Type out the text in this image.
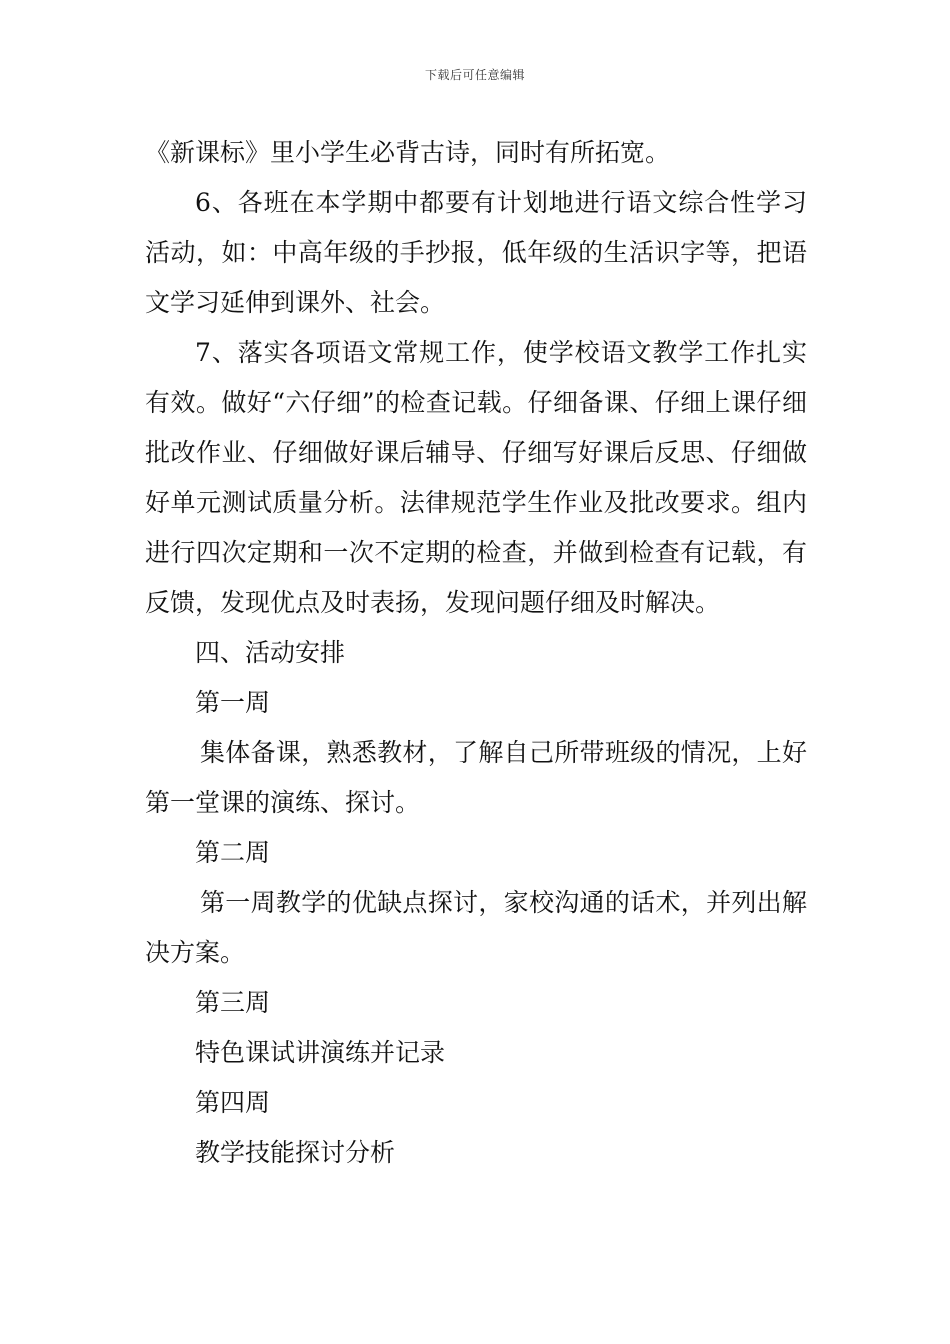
下载后可任意编辑

《新课标》里小学生必背古诗，同时有所拓宽。

6、各班在本学期中都要有计划地进行语文综合性学习活动，如：中高年级的手抄报，低年级的生活识字等，把语文学习延伸到课外、社会。

7、落实各项语文常规工作，使学校语文教学工作扎实有效。做好“六仔细”的检查记载。仔细备课、仔细上课仔细批改作业、仔细做好课后辅导、仔细写好课后反思、仔细做好单元测试质量分析。法律规范学生作业及批改要求。组内进行四次定期和一次不定期的检查，并做到检查有记载，有反馈，发现优点及时表扬，发现问题仔细及时解决。

四、活动安排

第一周

集体备课，熟悉教材，了解自己所带班级的情况，上好第一堂课的演练、探讨。

第二周

第一周教学的优缺点探讨，家校沟通的话术，并列出解决方案。

第三周

特色课试讲演练并记录

第四周

教学技能探讨分析
